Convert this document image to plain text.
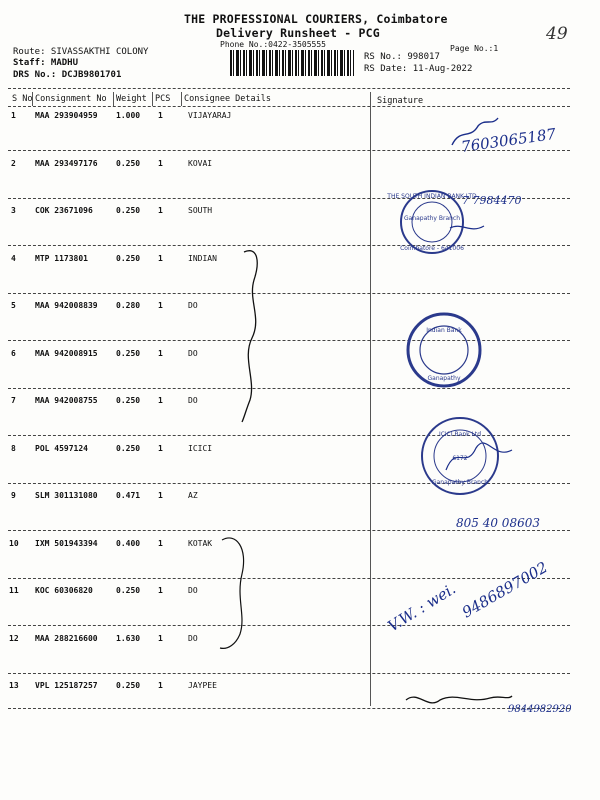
THE PROFESSIONAL COURIERS, Coimbatore
Delivery Runsheet - PCG
Phone No.:0422-3505555	Page No.:1
49
Route: SIVASSAKTHI COLONY
Staff: MADHU
DRS No.: DCJB9801701
RS No.: 998017
RS Date: 11-Aug-2022
S No Consignment No Weight PCS Consignee Details	Signature
1 MAA 293904959 1.000 1	VIJAYARAJ
2 MAA 293497176 0.250 1	KOVAI
3 COK 23671096	0.250 1	SOUTH
4 MTP 1173801	0.250 1	INDIAN
5 MAA 942008839 0.280 1	DO
6 MAA 942008915 0.250 1	DO
7 MAA 942008755 0.250 1	DO
8 POL 4597124	0.250 1	ICICI
9 SLM 301131080 0.471 1	AZ
10 IXM 501943394 0.400 1	KOTAK
11 KOC 60306820	0.250 1	DO
12 MAA 288216600 1.630 1	DO
13 VPL 125187257 0.250 1	JAYPEE
7603065187
7 7984470
THE SOUTH INDIAN BANK LTD
Ganapathy Branch
Coimbatore - 641006
Indian Bank
Ganapathy
ICICI Bank Ltd
6172
Ganapathy Branch
805 40 08603
V.W. : wei. 9486897002
9844982920
